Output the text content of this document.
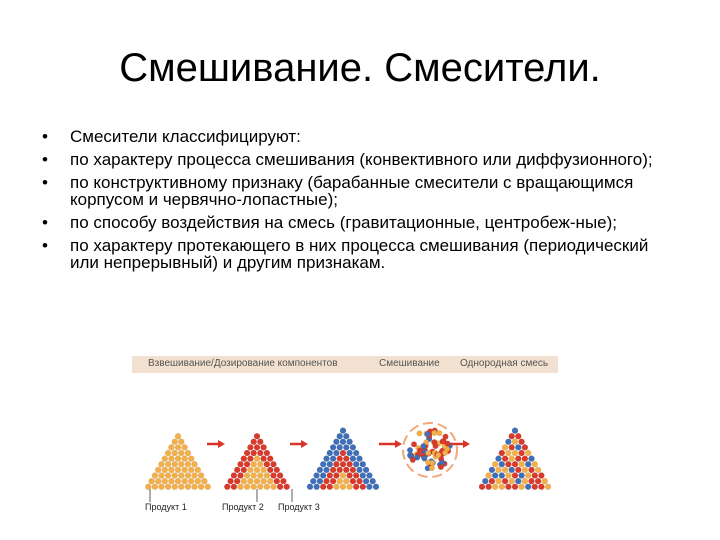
Смешивание. Смесители.
• Смесители классифицируют:
• по характеру процесса смешивания (конвективного или диффузионного);
• по конструктивному признаку (барабанные смесители с вращающимся корпусом и червячно-лопастные);
• по способу воздействия на смесь (гравитационные, центробеж-ные);
• по характеру протекающего в них процесса смешивания (периодический или непрерывный) и другим признакам.
Взвешивание/Дозирование компонентов	Смешивание Однородная смесь
Продукт 1	Продукт 2 Продукт 3
